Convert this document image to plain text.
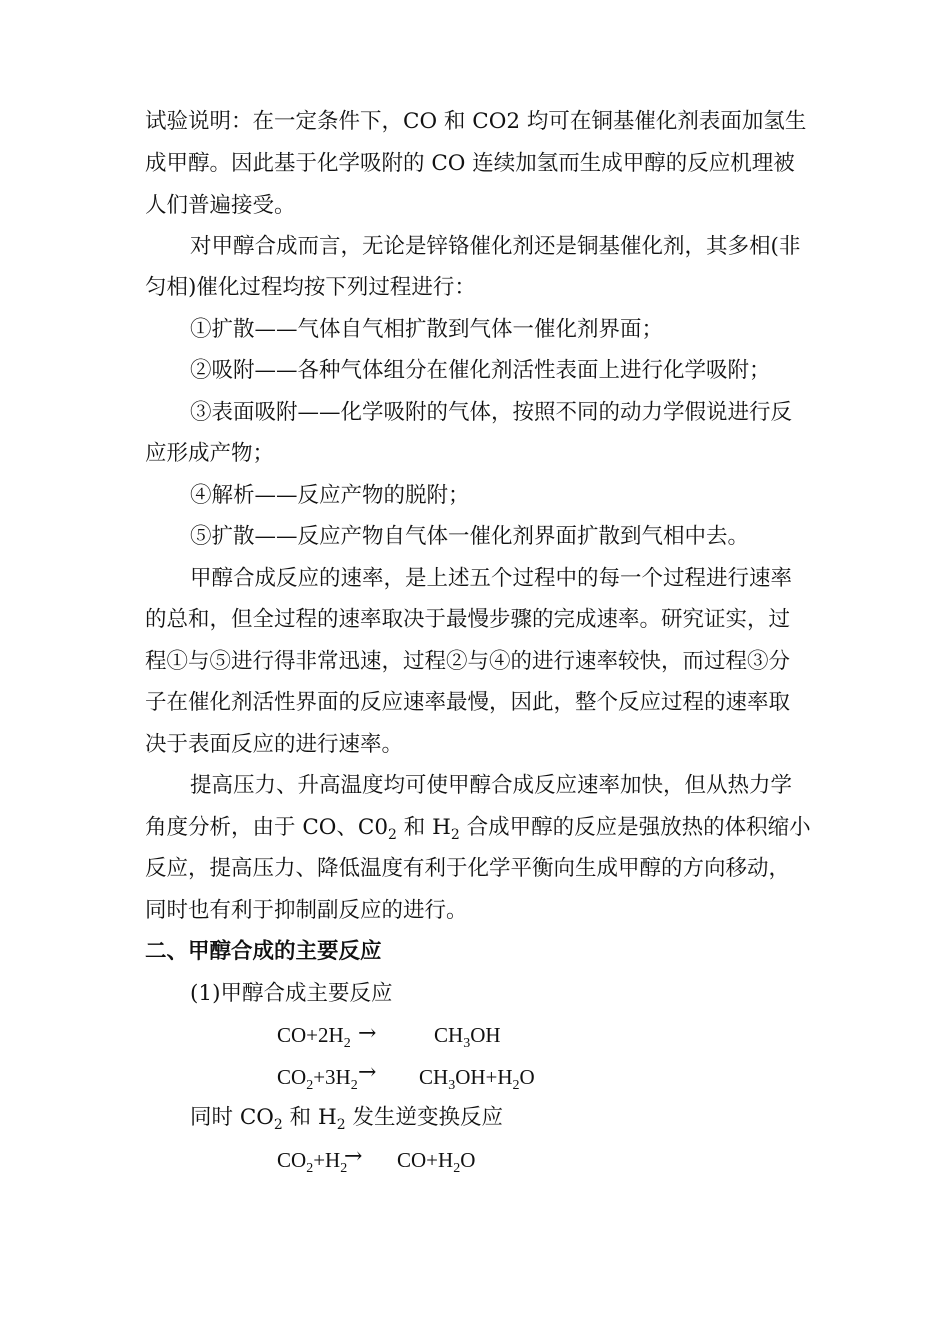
试验说明：在一定条件下，CO 和 CO2 均可在铜基催化剂表面加氢生
成甲醇。因此基于化学吸附的 CO 连续加氢而生成甲醇的反应机理被
人们普遍接受。
对甲醇合成而言，无论是锌铬催化剂还是铜基催化剂，其多相(非
匀相)催化过程均按下列过程进行：
①扩散——气体自气相扩散到气体一催化剂界面；
②吸附——各种气体组分在催化剂活性表面上进行化学吸附；
③表面吸附——化学吸附的气体，按照不同的动力学假说进行反
应形成产物；
④解析——反应产物的脱附；
⑤扩散——反应产物自气体一催化剂界面扩散到气相中去。
甲醇合成反应的速率，是上述五个过程中的每一个过程进行速率
的总和，但全过程的速率取决于最慢步骤的完成速率。研究证实，过
程①与⑤进行得非常迅速，过程②与④的进行速率较快，而过程③分
子在催化剂活性界面的反应速率最慢，因此，整个反应过程的速率取
决于表面反应的进行速率。
提高压力、升高温度均可使甲醇合成反应速率加快，但从热力学
角度分析，由于 CO、$C0_2$ 和 $H_2$ 合成甲醇的反应是强放热的体积缩小
反应，提高压力、降低温度有利于化学平衡向生成甲醇的方向移动，
同时也有利于抑制副反应的进行。
二、甲醇合成的主要反应
(1)甲醇合成主要反应
$CO+2H_2$ →	$CH_3OH$
$CO_2+3H_2$
→ $CH_3OH+H_2O$
同时 $CO_2$ 和 $H_2$ 发生逆变换反应
$CO_2+H_2$
→ $CO+H_2O$
